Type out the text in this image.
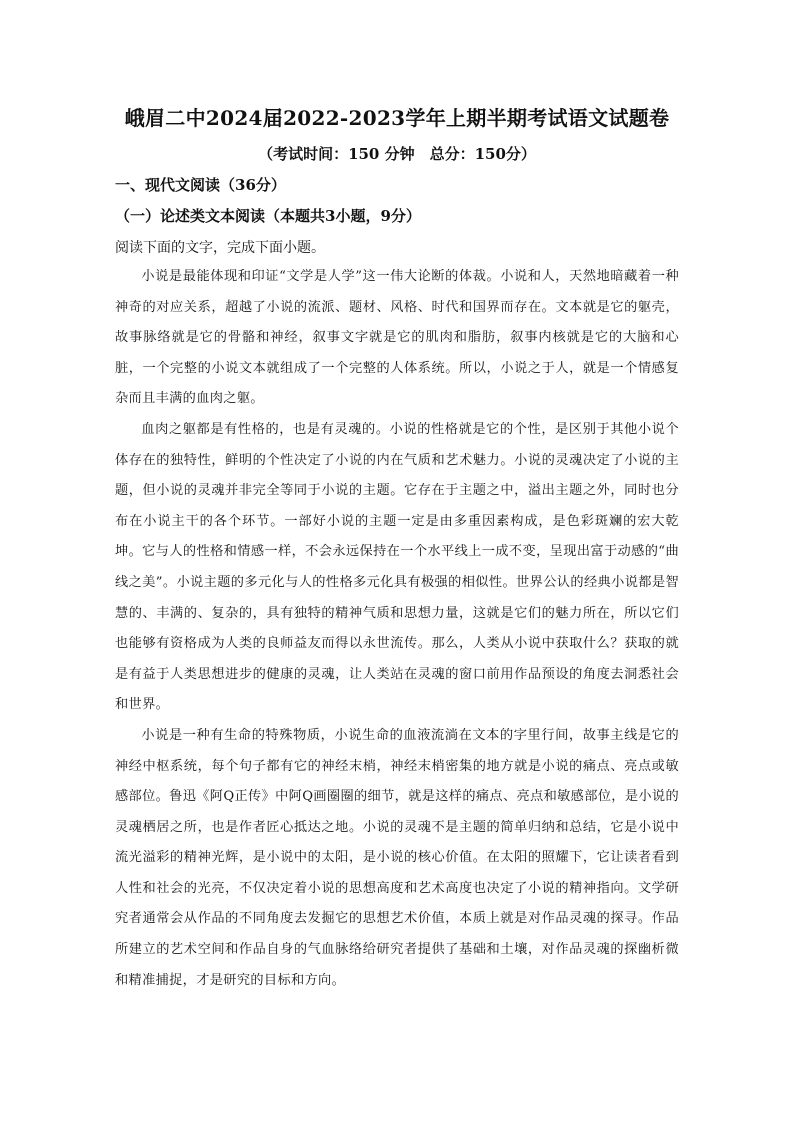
峨眉二中2024届2022-2023学年上期半期考试语文试题卷
（考试时间：150 分钟　总分：150分）
一、现代文阅读（36分）
（一）论述类文本阅读（本题共3小题，9分）
阅读下面的文字，完成下面小题。

小说是最能体现和印证“文学是人学”这一伟大论断的体裁。小说和人，天然地暗藏着一种神奇的对应关系，超越了小说的流派、题材、风格、时代和国界而存在。文本就是它的躯壳，故事脉络就是它的骨骼和神经，叙事文字就是它的肌肉和脂肪，叙事内核就是它的大脑和心脏，一个完整的小说文本就组成了一个完整的人体系统。所以，小说之于人，就是一个情感复杂而且丰满的血肉之躯。

血肉之躯都是有性格的，也是有灵魂的。小说的性格就是它的个性，是区别于其他小说个体存在的独特性，鲜明的个性决定了小说的内在气质和艺术魅力。小说的灵魂决定了小说的主题，但小说的灵魂并非完全等同于小说的主题。它存在于主题之中，溢出主题之外，同时也分布在小说主干的各个环节。一部好小说的主题一定是由多重因素构成，是色彩斑斓的宏大乾坤。它与人的性格和情感一样，不会永远保持在一个水平线上一成不变，呈现出富于动感的“曲线之美”。小说主题的多元化与人的性格多元化具有极强的相似性。世界公认的经典小说都是智慧的、丰满的、复杂的，具有独特的精神气质和思想力量，这就是它们的魅力所在，所以它们也能够有资格成为人类的良师益友而得以永世流传。那么，人类从小说中获取什么？获取的就是有益于人类思想进步的健康的灵魂，让人类站在灵魂的窗口前用作品预设的角度去洞悉社会和世界。

小说是一种有生命的特殊物质，小说生命的血液流淌在文本的字里行间，故事主线是它的神经中枢系统，每个句子都有它的神经末梢，神经末梢密集的地方就是小说的痛点、亮点或敏感部位。鲁迅《阿Q正传》中阿Q画圈圈的细节，就是这样的痛点、亮点和敏感部位，是小说的灵魂栖居之所，也是作者匠心抵达之地。小说的灵魂不是主题的简单归纳和总结，它是小说中流光溢彩的精神光辉，是小说中的太阳，是小说的核心价值。在太阳的照耀下，它让读者看到人性和社会的光亮，不仅决定着小说的思想高度和艺术高度也决定了小说的精神指向。文学研究者通常会从作品的不同角度去发掘它的思想艺术价值，本质上就是对作品灵魂的探寻。作品所建立的艺术空间和作品自身的气血脉络给研究者提供了基础和土壤，对作品灵魂的探幽析微和精准捕捉，才是研究的目标和方向。
